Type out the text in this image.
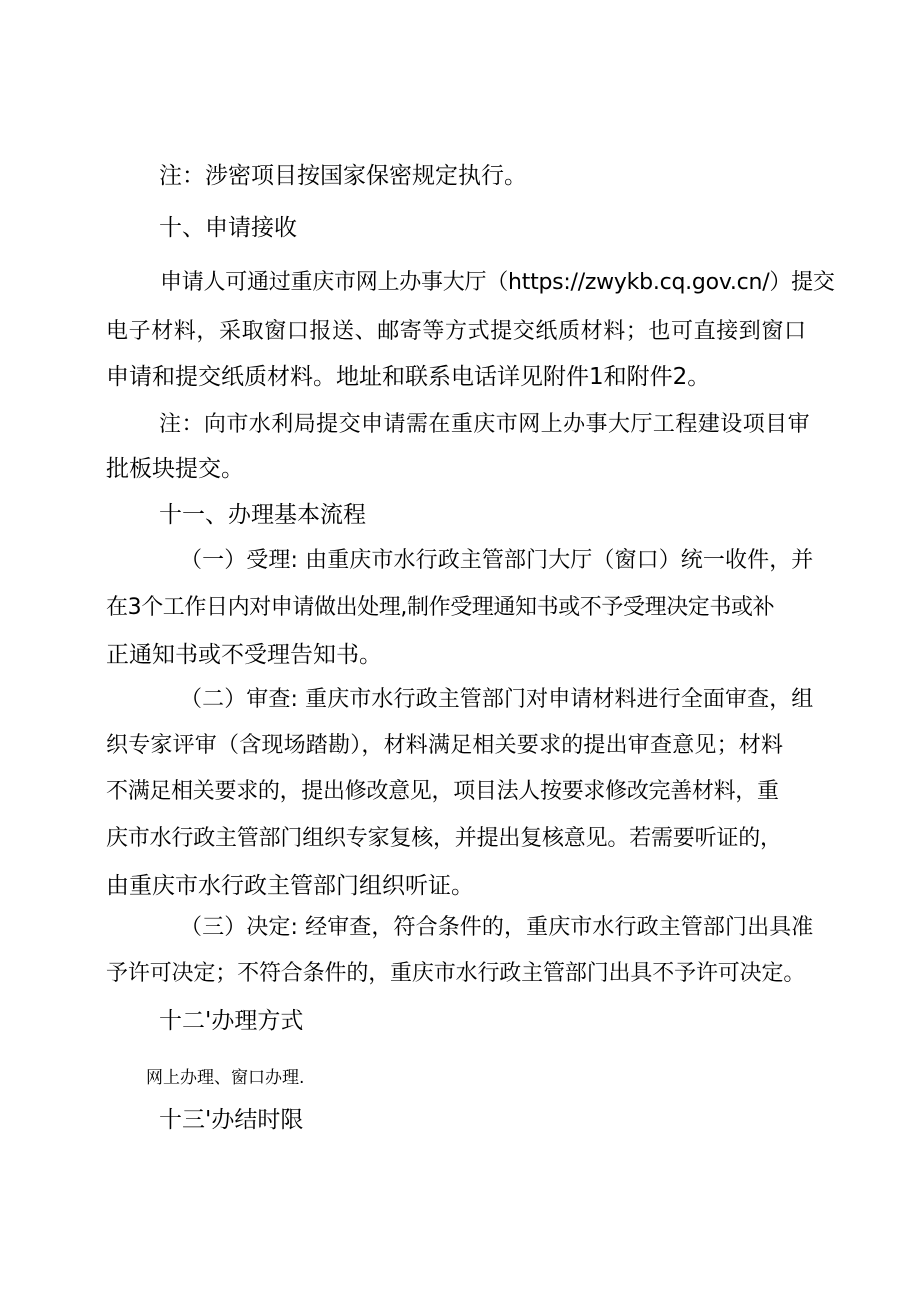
注：涉密项目按国家保密规定执行。
十、申请接收
申请人可通过重庆市网上办事大厅（https://zwykb.cq.gov.cn/）提交
电子材料，采取窗口报送、邮寄等方式提交纸质材料；也可直接到窗口
申请和提交纸质材料。地址和联系电话详见附件1和附件2。
注：向市水利局提交申请需在重庆市网上办事大厅工程建设项目审
批板块提交。
十一、办理基本流程
（一）受理: 由重庆市水行政主管部门大厅（窗口）统一收件，并
在3个工作日内对申请做出处理,制作受理通知书或不予受理决定书或补
正通知书或不受理告知书。
（二）审查: 重庆市水行政主管部门对申请材料进行全面审查，组
织专家评审（含现场踏勘），材料满足相关要求的提出审查意见；材料
不满足相关要求的，提出修改意见，项目法人按要求修改完善材料，重
庆市水行政主管部门组织专家复核，并提出复核意见。若需要听证的，
由重庆市水行政主管部门组织听证。
（三）决定: 经审查，符合条件的，重庆市水行政主管部门出具准
予许可决定；不符合条件的，重庆市水行政主管部门出具不予许可决定。
十二'办理方式
网上办理、窗口办理.
十三'办结时限
